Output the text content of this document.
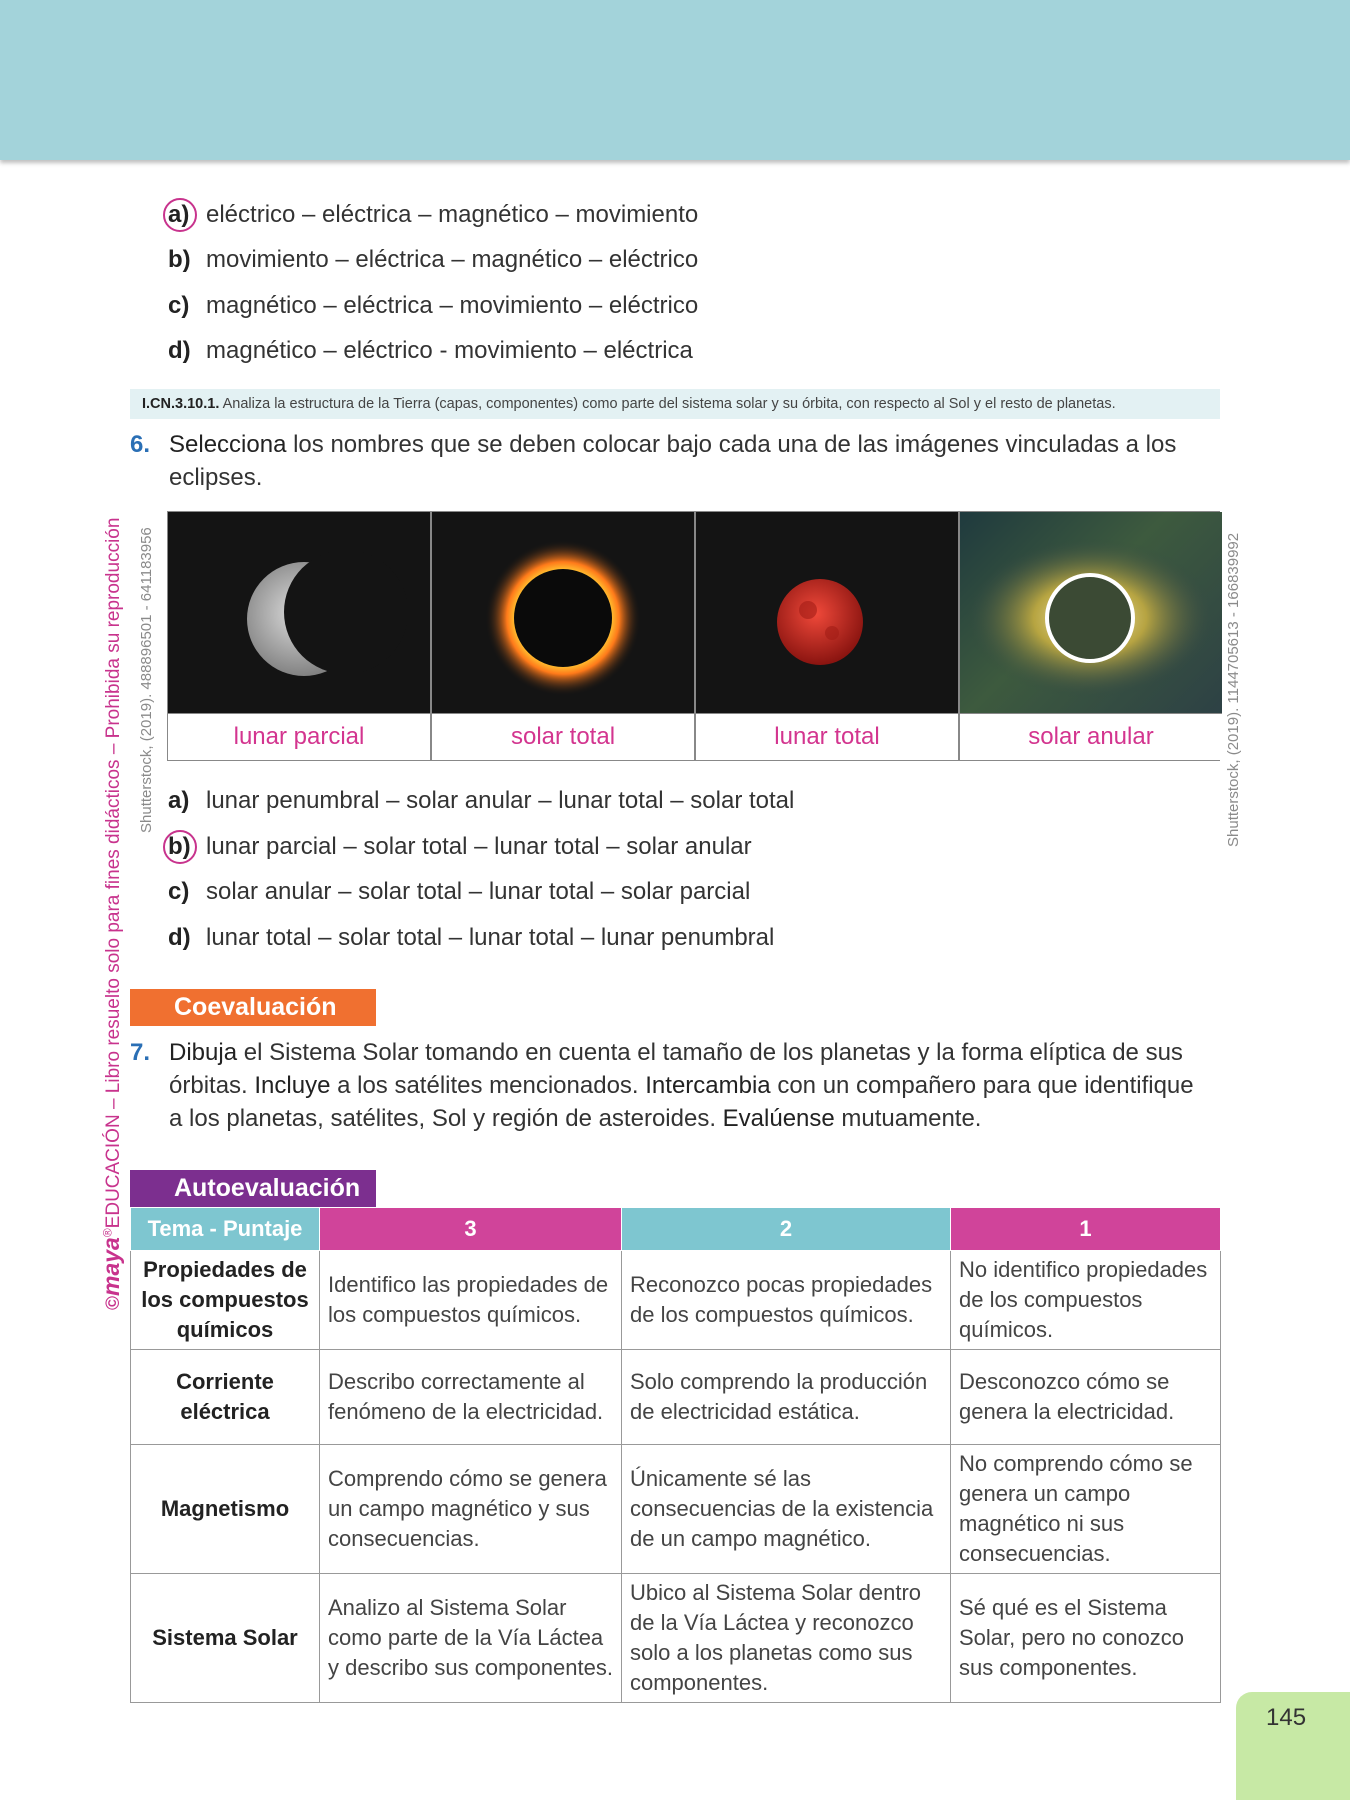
©maya®EDUCACIÓN – Libro resuelto solo para fines didácticos – Prohibida su reproducción Shutterstock, (2019). 488896501 - 641183956	Shutterstock, (2019). 1144705613 - 166839992
a) eléctrico – eléctrica – magnético – movimiento
b) movimiento – eléctrica – magnético – eléctrico
c) magnético – eléctrica – movimiento – eléctrico
d) magnético – eléctrico - movimiento – eléctrica
I.CN.3.10.1. Analiza la estructura de la Tierra (capas, componentes) como parte del sistema solar y su órbita, con respecto al Sol y el resto de planetas.
6. Selecciona los nombres que se deben colocar bajo cada una de las imágenes vinculadas a los eclipses.
lunar parcial	solar total	lunar total	solar anular
a) lunar penumbral – solar anular – lunar total – solar total
b) lunar parcial – solar total – lunar total – solar anular
c) solar anular – solar total – lunar total – solar parcial
d) lunar total – solar total – lunar total – lunar penumbral
Coevaluación
7. Dibuja el Sistema Solar tomando en cuenta el tamaño de los planetas y la forma elíptica de sus órbitas. Incluye a los satélites mencionados. Intercambia con un compañero para que identifique a los planetas, satélites, Sol y región de asteroides. Evalúense mutuamente.
Autoevaluación
Tema - Puntaje	3	2	1
Propiedades de los compuestos químicos	Identifico las propiedades de los compuestos químicos.	Reconozco pocas propiedades de los compuestos químicos.	No identifico propiedades de los compuestos químicos.
Corriente eléctrica	Describo correctamente al fenómeno de la electricidad.	Solo comprendo la producción de electricidad estática.	Desconozco cómo se genera la electricidad.
Magnetismo	Comprendo cómo se genera un campo magnético y sus consecuencias.	Únicamente sé las consecuencias de la existencia de un campo magnético.	No comprendo cómo se genera un campo magnético ni sus consecuencias.
Sistema Solar	Analizo al Sistema Solar como parte de la Vía Láctea y describo sus componentes.	Ubico al Sistema Solar dentro de la Vía Láctea y reconozco solo a los planetas como sus componentes.	Sé qué es el Sistema Solar, pero no conozco sus componentes.
145
